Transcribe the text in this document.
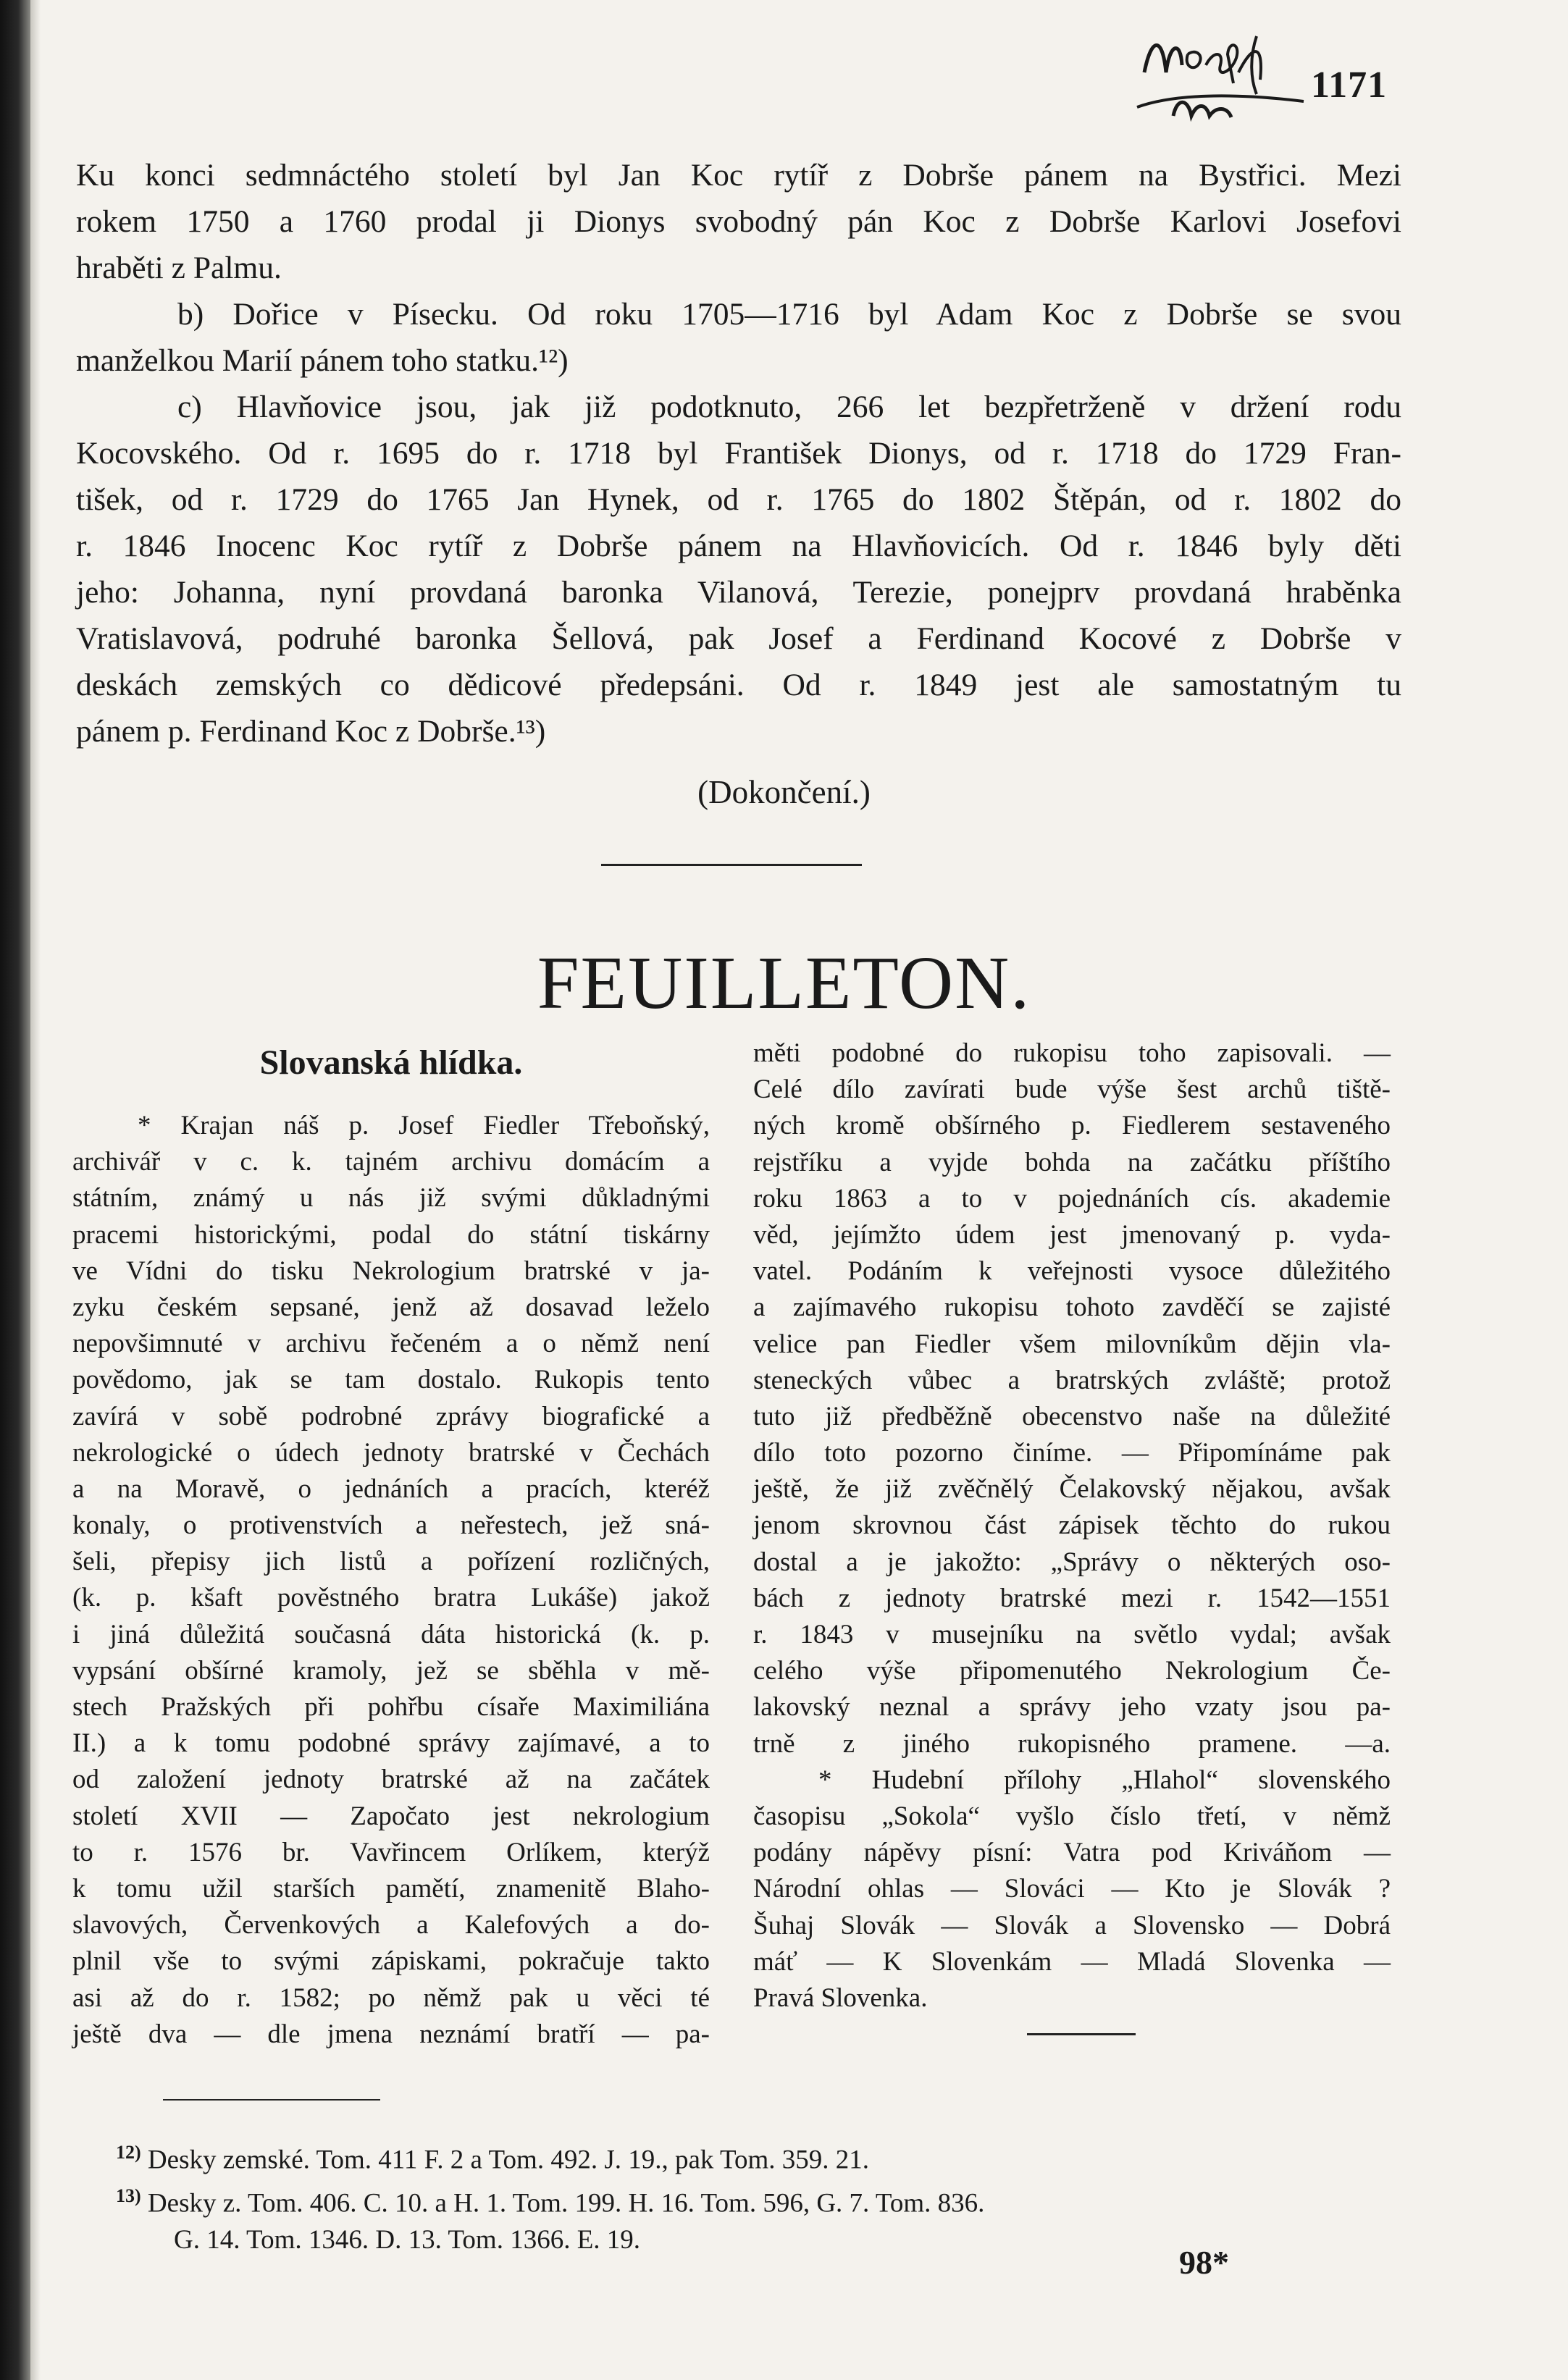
1171
Ku konci sedmnáctého století byl Jan Koc rytíř z Dobrše pánem na Bystřici. Mezi
rokem 1750 a 1760 prodal ji Dionys svobodný pán Koc z Dobrše Karlovi Josefovi
hraběti z Palmu.
b) Dořice v Písecku. Od roku 1705—1716 byl Adam Koc z Dobrše se svou
manželkou Marií pánem toho statku.¹²)
c) Hlavňovice jsou, jak již podotknuto, 266 let bezpřetrženě v držení rodu
Kocovského. Od r. 1695 do r. 1718 byl František Dionys, od r. 1718 do 1729 Fran-
tišek, od r. 1729 do 1765 Jan Hynek, od r. 1765 do 1802 Štěpán, od r. 1802 do
r. 1846 Inocenc Koc rytíř z Dobrše pánem na Hlavňovicích. Od r. 1846 byly děti
jeho: Johanna, nyní provdaná baronka Vilanová, Terezie, ponejprv provdaná hraběnka
Vratislavová, podruhé baronka Šellová, pak Josef a Ferdinand Kocové z Dobrše v
deskách zemských co dědicové předepsáni. Od r. 1849 jest ale samostatným tu
pánem p. Ferdinand Koc z Dobrše.¹³)
(Dokončení.)
FEUILLETON.
Slovanská hlídka.
* Krajan náš p. Josef Fiedler Třeboňský,
archivář v c. k. tajném archivu domácím a
státním, známý u nás již svými důkladnými
pracemi historickými, podal do státní tiskárny
ve Vídni do tisku Nekrologium bratrské v ja-
zyku českém sepsané, jenž až dosavad leželo
nepovšimnuté v archivu řečeném a o němž není
povědomo, jak se tam dostalo. Rukopis tento
zavírá v sobě podrobné zprávy biografické a
nekrologické o údech jednoty bratrské v Čechách
a na Moravě, o jednáních a pracích, kteréž
konaly, o protivenstvích a neřestech, jež sná-
šeli, přepisy jich listů a pořízení rozličných,
(k. p. kšaft pověstného bratra Lukáše) jakož
i jiná důležitá současná dáta historická (k. p.
vypsání obšírné kramoly, jež se sběhla v mě-
stech Pražských při pohřbu císaře Maximiliána
II.) a k tomu podobné správy zajímavé, a to
od založení jednoty bratrské až na začátek
století XVII — Započato jest nekrologium
to r. 1576 br. Vavřincem Orlíkem, kterýž
k tomu užil starších pamětí, znamenitě Blaho-
slavových, Červenkových a Kalefových a do-
plnil vše to svými zápiskami, pokračuje takto
asi až do r. 1582; po němž pak u věci té
ještě dva — dle jmena neznámí bratří — pa-
měti podobné do rukopisu toho zapisovali. —
Celé dílo zavírati bude výše šest archů tiště-
ných kromě obšírného p. Fiedlerem sestaveného
rejstříku a vyjde bohda na začátku příštího
roku 1863 a to v pojednáních cís. akademie
věd, jejímžto údem jest jmenovaný p. vyda-
vatel. Podáním k veřejnosti vysoce důležitého
a zajímavého rukopisu tohoto zavděčí se zajisté
velice pan Fiedler všem milovníkům dějin vla-
steneckých vůbec a bratrských zvláště; protož
tuto již předběžně obecenstvo naše na důležité
dílo toto pozorno činíme. — Připomínáme pak
ještě, že již zvěčnělý Čelakovský nějakou, avšak
jenom skrovnou část zápisek těchto do rukou
dostal a je jakožto: „Správy o některých oso-
bách z jednoty bratrské mezi r. 1542—1551
r. 1843 v musejníku na světlo vydal; avšak
celého výše připomenutého Nekrologium Če-
lakovský neznal a správy jeho vzaty jsou pa-
trně z jiného rukopisného pramene. —a.
* Hudební přílohy „Hlahol“ slovenského
časopisu „Sokola“ vyšlo číslo třetí, v němž
podány nápěvy písní: Vatra pod Kriváňom —
Národní ohlas — Slováci — Kto je Slovák ?
Šuhaj Slovák — Slovák a Slovensko — Dobrá
máť — K Slovenkám — Mladá Slovenka —
Pravá Slovenka.
$^{12)}$ Desky zemské. Tom. 411 F. 2 a Tom. 492. J. 19., pak Tom. 359. 21.
$^{13)}$ Desky z. Tom. 406. C. 10. a H. 1. Tom. 199. H. 16. Tom. 596, G. 7. Tom. 836.
G. 14. Tom. 1346. D. 13. Tom. 1366. E. 19.
98*
